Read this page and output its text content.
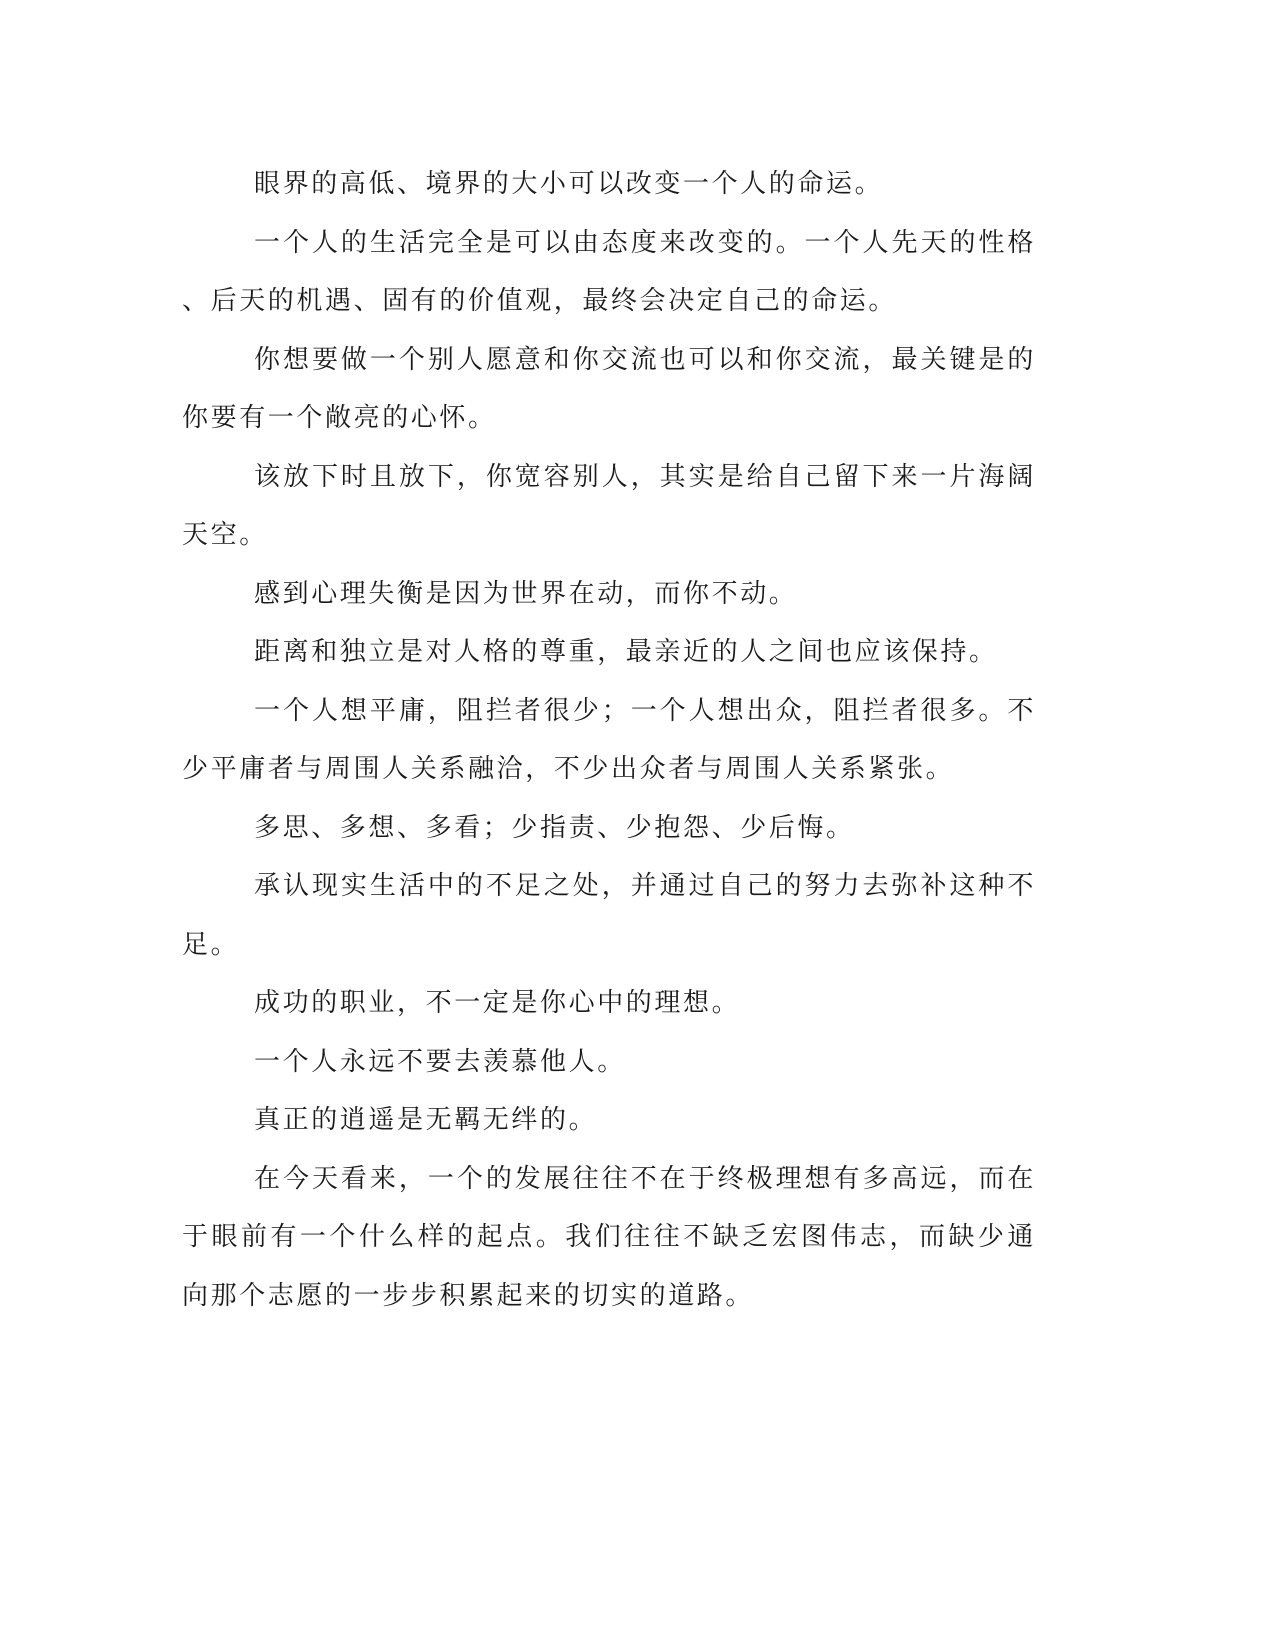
眼界的高低、境界的大小可以改变一个人的命运。

一个人的生活完全是可以由态度来改变的。一个人先天的性格、后天的机遇、固有的价值观，最终会决定自己的命运。

你想要做一个别人愿意和你交流也可以和你交流，最关键是的你要有一个敞亮的心怀。

该放下时且放下，你宽容别人，其实是给自己留下来一片海阔天空。

感到心理失衡是因为世界在动，而你不动。

距离和独立是对人格的尊重，最亲近的人之间也应该保持。

一个人想平庸，阻拦者很少；一个人想出众，阻拦者很多。不少平庸者与周围人关系融洽，不少出众者与周围人关系紧张。

多思、多想、多看；少指责、少抱怨、少后悔。

承认现实生活中的不足之处，并通过自己的努力去弥补这种不足。

成功的职业，不一定是你心中的理想。

一个人永远不要去羡慕他人。

真正的逍遥是无羁无绊的。

在今天看来，一个的发展往往不在于终极理想有多高远，而在于眼前有一个什么样的起点。我们往往不缺乏宏图伟志，而缺少通向那个志愿的一步步积累起来的切实的道路。
